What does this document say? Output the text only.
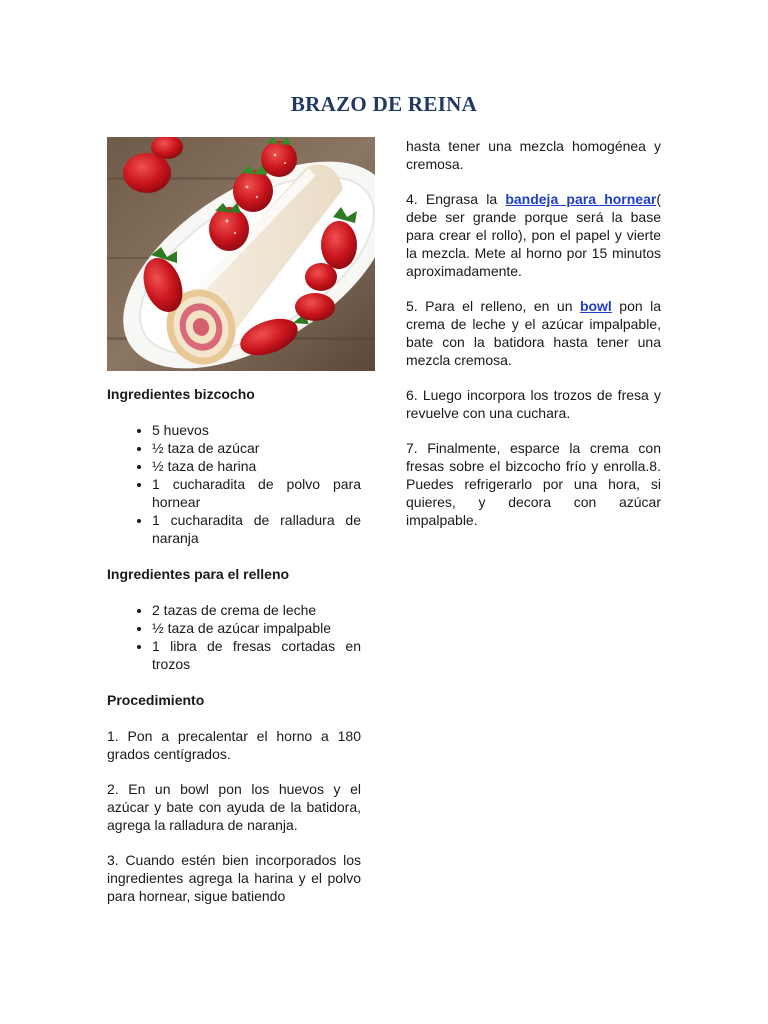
BRAZO DE REINA
Ingredientes bizcocho
• 5 huevos
• ½ taza de azúcar
• ½ taza de harina
• 1 cucharadita de polvo para hornear
• 1 cucharadita de ralladura de naranja
Ingredientes para el relleno
• 2 tazas de crema de leche
• ½ taza de azúcar impalpable
• 1 libra de fresas cortadas en trozos
Procedimiento

1. Pon a precalentar el horno a 180 grados centígrados.

2. En un bowl pon los huevos y el azúcar y bate con ayuda de la batidora, agrega la ralladura de naranja.

3. Cuando estén bien incorporados los ingredientes agrega la harina y el polvo para hornear, sigue batiendo

hasta tener una mezcla homogénea y cremosa.

4. Engrasa la bandeja para hornear( debe ser grande porque será la base para crear el rollo), pon el papel y vierte la mezcla. Mete al horno por 15 minutos aproximadamente.

5. Para el relleno, en un bowl pon la crema de leche y el azúcar impalpable, bate con la batidora hasta tener una mezcla cremosa.

6. Luego incorpora los trozos de fresa y revuelve con una cuchara.

7. Finalmente, esparce la crema con fresas sobre el bizcocho frío y enrolla.8. Puedes refrigerarlo por una hora, si quieres, y decora con azúcar impalpable.
